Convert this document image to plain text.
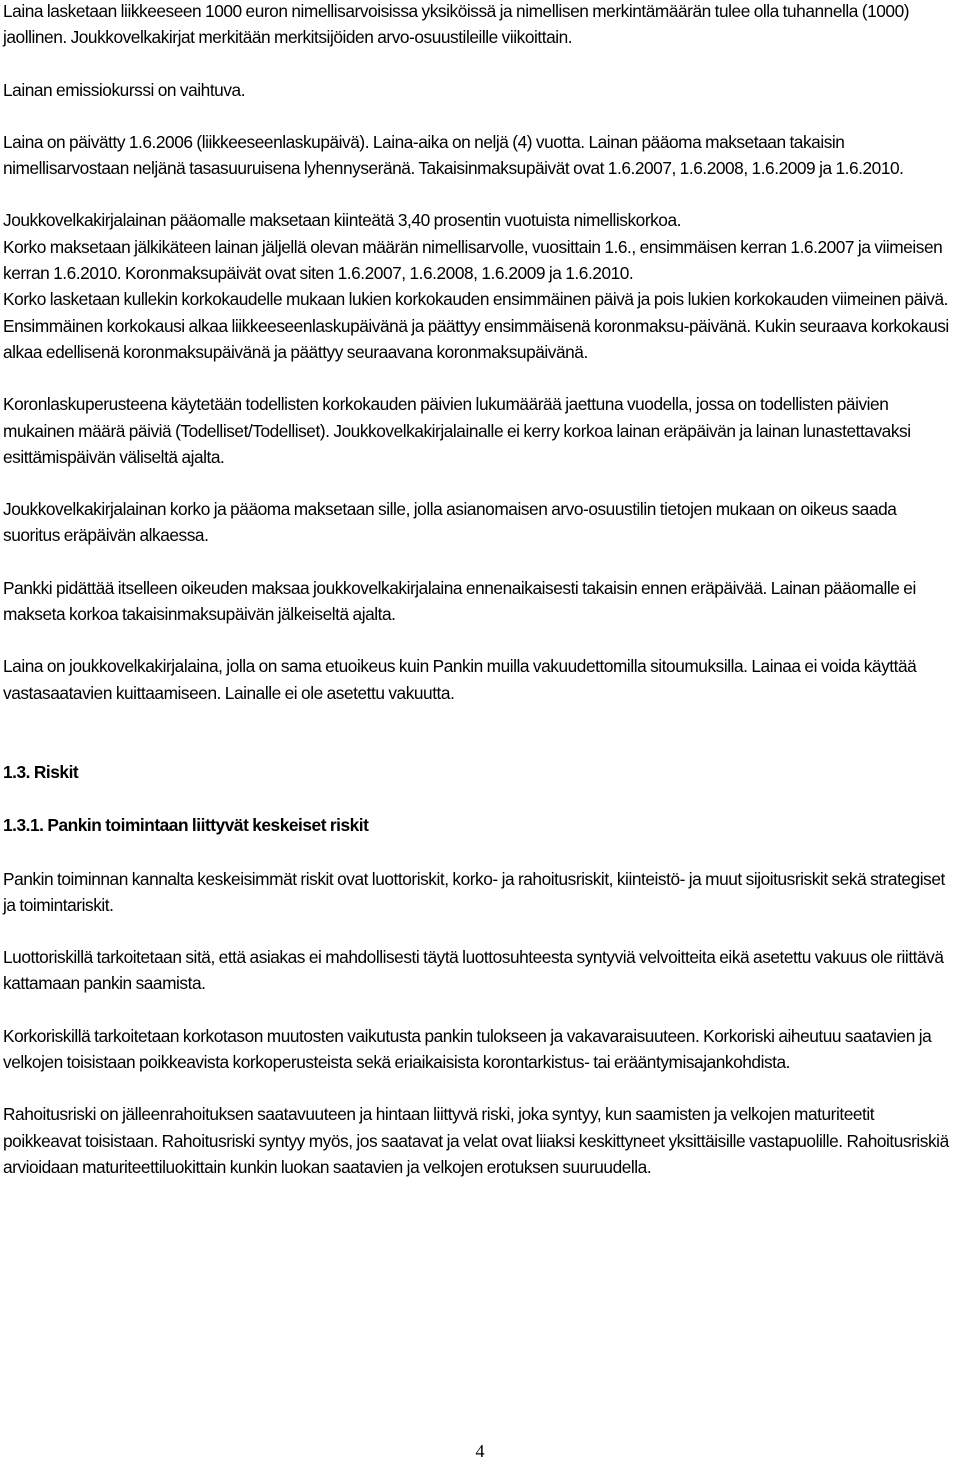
Laina lasketaan liikkeeseen 1000 euron nimellisarvoisissa yksiköissä ja nimellisen merkintämäärän tulee olla tuhannella (1000) jaollinen. Joukkovelkakirjat merkitään merkitsijöiden arvo-osuustileille viikoittain.

Lainan emissiokurssi on vaihtuva.

Laina on päivätty 1.6.2006 (liikkeeseenlaskupäivä). Laina-aika on neljä (4) vuotta. Lainan pääoma maksetaan takaisin nimellisarvostaan neljänä tasasuuruisena lyhennyseränä. Takaisinmaksupäivät ovat 1.6.2007, 1.6.2008, 1.6.2009 ja 1.6.2010.

Joukkovelkakirjalainan pääomalle maksetaan kiinteätä 3,40 prosentin vuotuista nimelliskorkoa.

Korko maksetaan jälkikäteen lainan jäljellä olevan määrän nimellisarvolle, vuosittain 1.6., ensimmäisen kerran 1.6.2007 ja viimeisen kerran 1.6.2010. Koronmaksupäivät ovat siten 1.6.2007, 1.6.2008, 1.6.2009 ja 1.6.2010.

Korko lasketaan kullekin korkokaudelle mukaan lukien korkokauden ensimmäinen päivä ja pois lukien korkokauden viimeinen päivä. Ensimmäinen korkokausi alkaa liikkeeseenlaskupäivänä ja päättyy ensimmäisenä koronmaksu-päivänä. Kukin seuraava korkokausi alkaa edellisenä koronmaksupäivänä ja päättyy seuraavana koronmaksupäivänä.

Koronlaskuperusteena käytetään todellisten korkokauden päivien lukumäärää jaettuna vuodella, jossa on todellisten päivien mukainen määrä päiviä (Todelliset/Todelliset). Joukkovelkakirjalainalle ei kerry korkoa lainan eräpäivän ja lainan lunastettavaksi esittämispäivän väliseltä ajalta.

Joukkovelkakirjalainan korko ja pääoma maksetaan sille, jolla asianomaisen arvo-osuustilin tietojen mukaan on oikeus saada suoritus eräpäivän alkaessa.

Pankki pidättää itselleen oikeuden maksaa joukkovelkakirjalaina ennenaikaisesti takaisin ennen eräpäivää. Lainan pääomalle ei makseta korkoa takaisinmaksupäivän jälkeiseltä ajalta.

Laina on joukkovelkakirjalaina, jolla on sama etuoikeus kuin Pankin muilla vakuudettomilla sitoumuksilla. Lainaa ei voida käyttää vastasaatavien kuittaamiseen. Lainalle ei ole asetettu vakuutta.

1.3. Riskit
1.3.1. Pankin toimintaan liittyvät keskeiset riskit

Pankin toiminnan kannalta keskeisimmät riskit ovat luottoriskit, korko- ja rahoitusriskit, kiinteistö- ja muut sijoitusriskit sekä strategiset ja toimintariskit.

Luottoriskillä tarkoitetaan sitä, että asiakas ei mahdollisesti täytä luottosuhteesta syntyviä velvoitteita eikä asetettu vakuus ole riittävä kattamaan pankin saamista.

Korkoriskillä tarkoitetaan korkotason muutosten vaikutusta pankin tulokseen ja vakavaraisuuteen. Korkoriski aiheutuu saatavien ja velkojen toisistaan poikkeavista korkoperusteista sekä eriaikaisista korontarkistus- tai erääntymisajankohdista.

Rahoitusriski on jälleenrahoituksen saatavuuteen ja hintaan liittyvä riski, joka syntyy, kun saamisten ja velkojen maturiteetit poikkeavat toisistaan. Rahoitusriski syntyy myös, jos saatavat ja velat ovat liiaksi keskittyneet yksittäisille vastapuolille. Rahoitusriskiä arvioidaan maturiteettiluokittain kunkin luokan saatavien ja velkojen erotuksen suuruudella.

4
